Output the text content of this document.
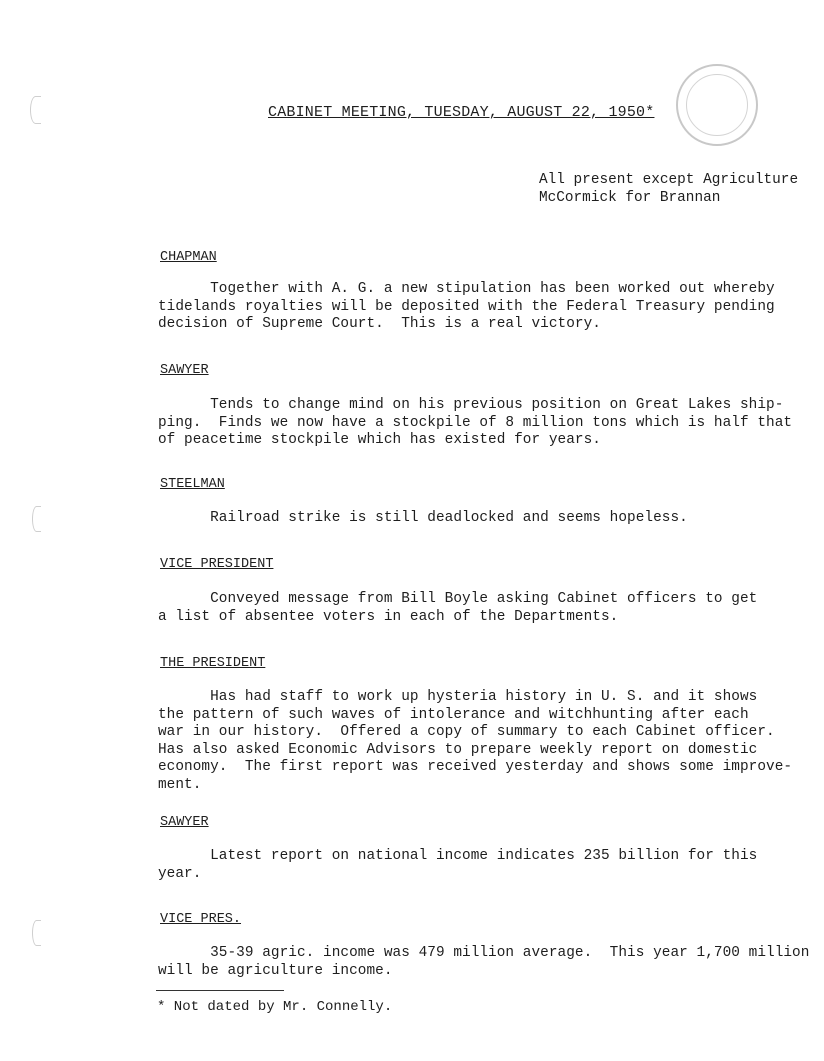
CABINET MEETING, TUESDAY, AUGUST 22, 1950*
All present except Agriculture
McCormick for Brannan
CHAPMAN
Together with A. G. a new stipulation has been worked out whereby
tidelands royalties will be deposited with the Federal Treasury pending
decision of Supreme Court.  This is a real victory.
SAWYER
Tends to change mind on his previous position on Great Lakes ship-
ping.  Finds we now have a stockpile of 8 million tons which is half that
of peacetime stockpile which has existed for years.
STEELMAN
Railroad strike is still deadlocked and seems hopeless.
VICE PRESIDENT
Conveyed message from Bill Boyle asking Cabinet officers to get
a list of absentee voters in each of the Departments.
THE PRESIDENT
Has had staff to work up hysteria history in U. S. and it shows
the pattern of such waves of intolerance and witchhunting after each
war in our history.  Offered a copy of summary to each Cabinet officer.
Has also asked Economic Advisors to prepare weekly report on domestic
economy.  The first report was received yesterday and shows some improve-
ment.
SAWYER
Latest report on national income indicates 235 billion for this
year.
VICE PRES.
35-39 agric. income was 479 million average.  This year 1,700 million
will be agriculture income.
* Not dated by Mr. Connelly.
